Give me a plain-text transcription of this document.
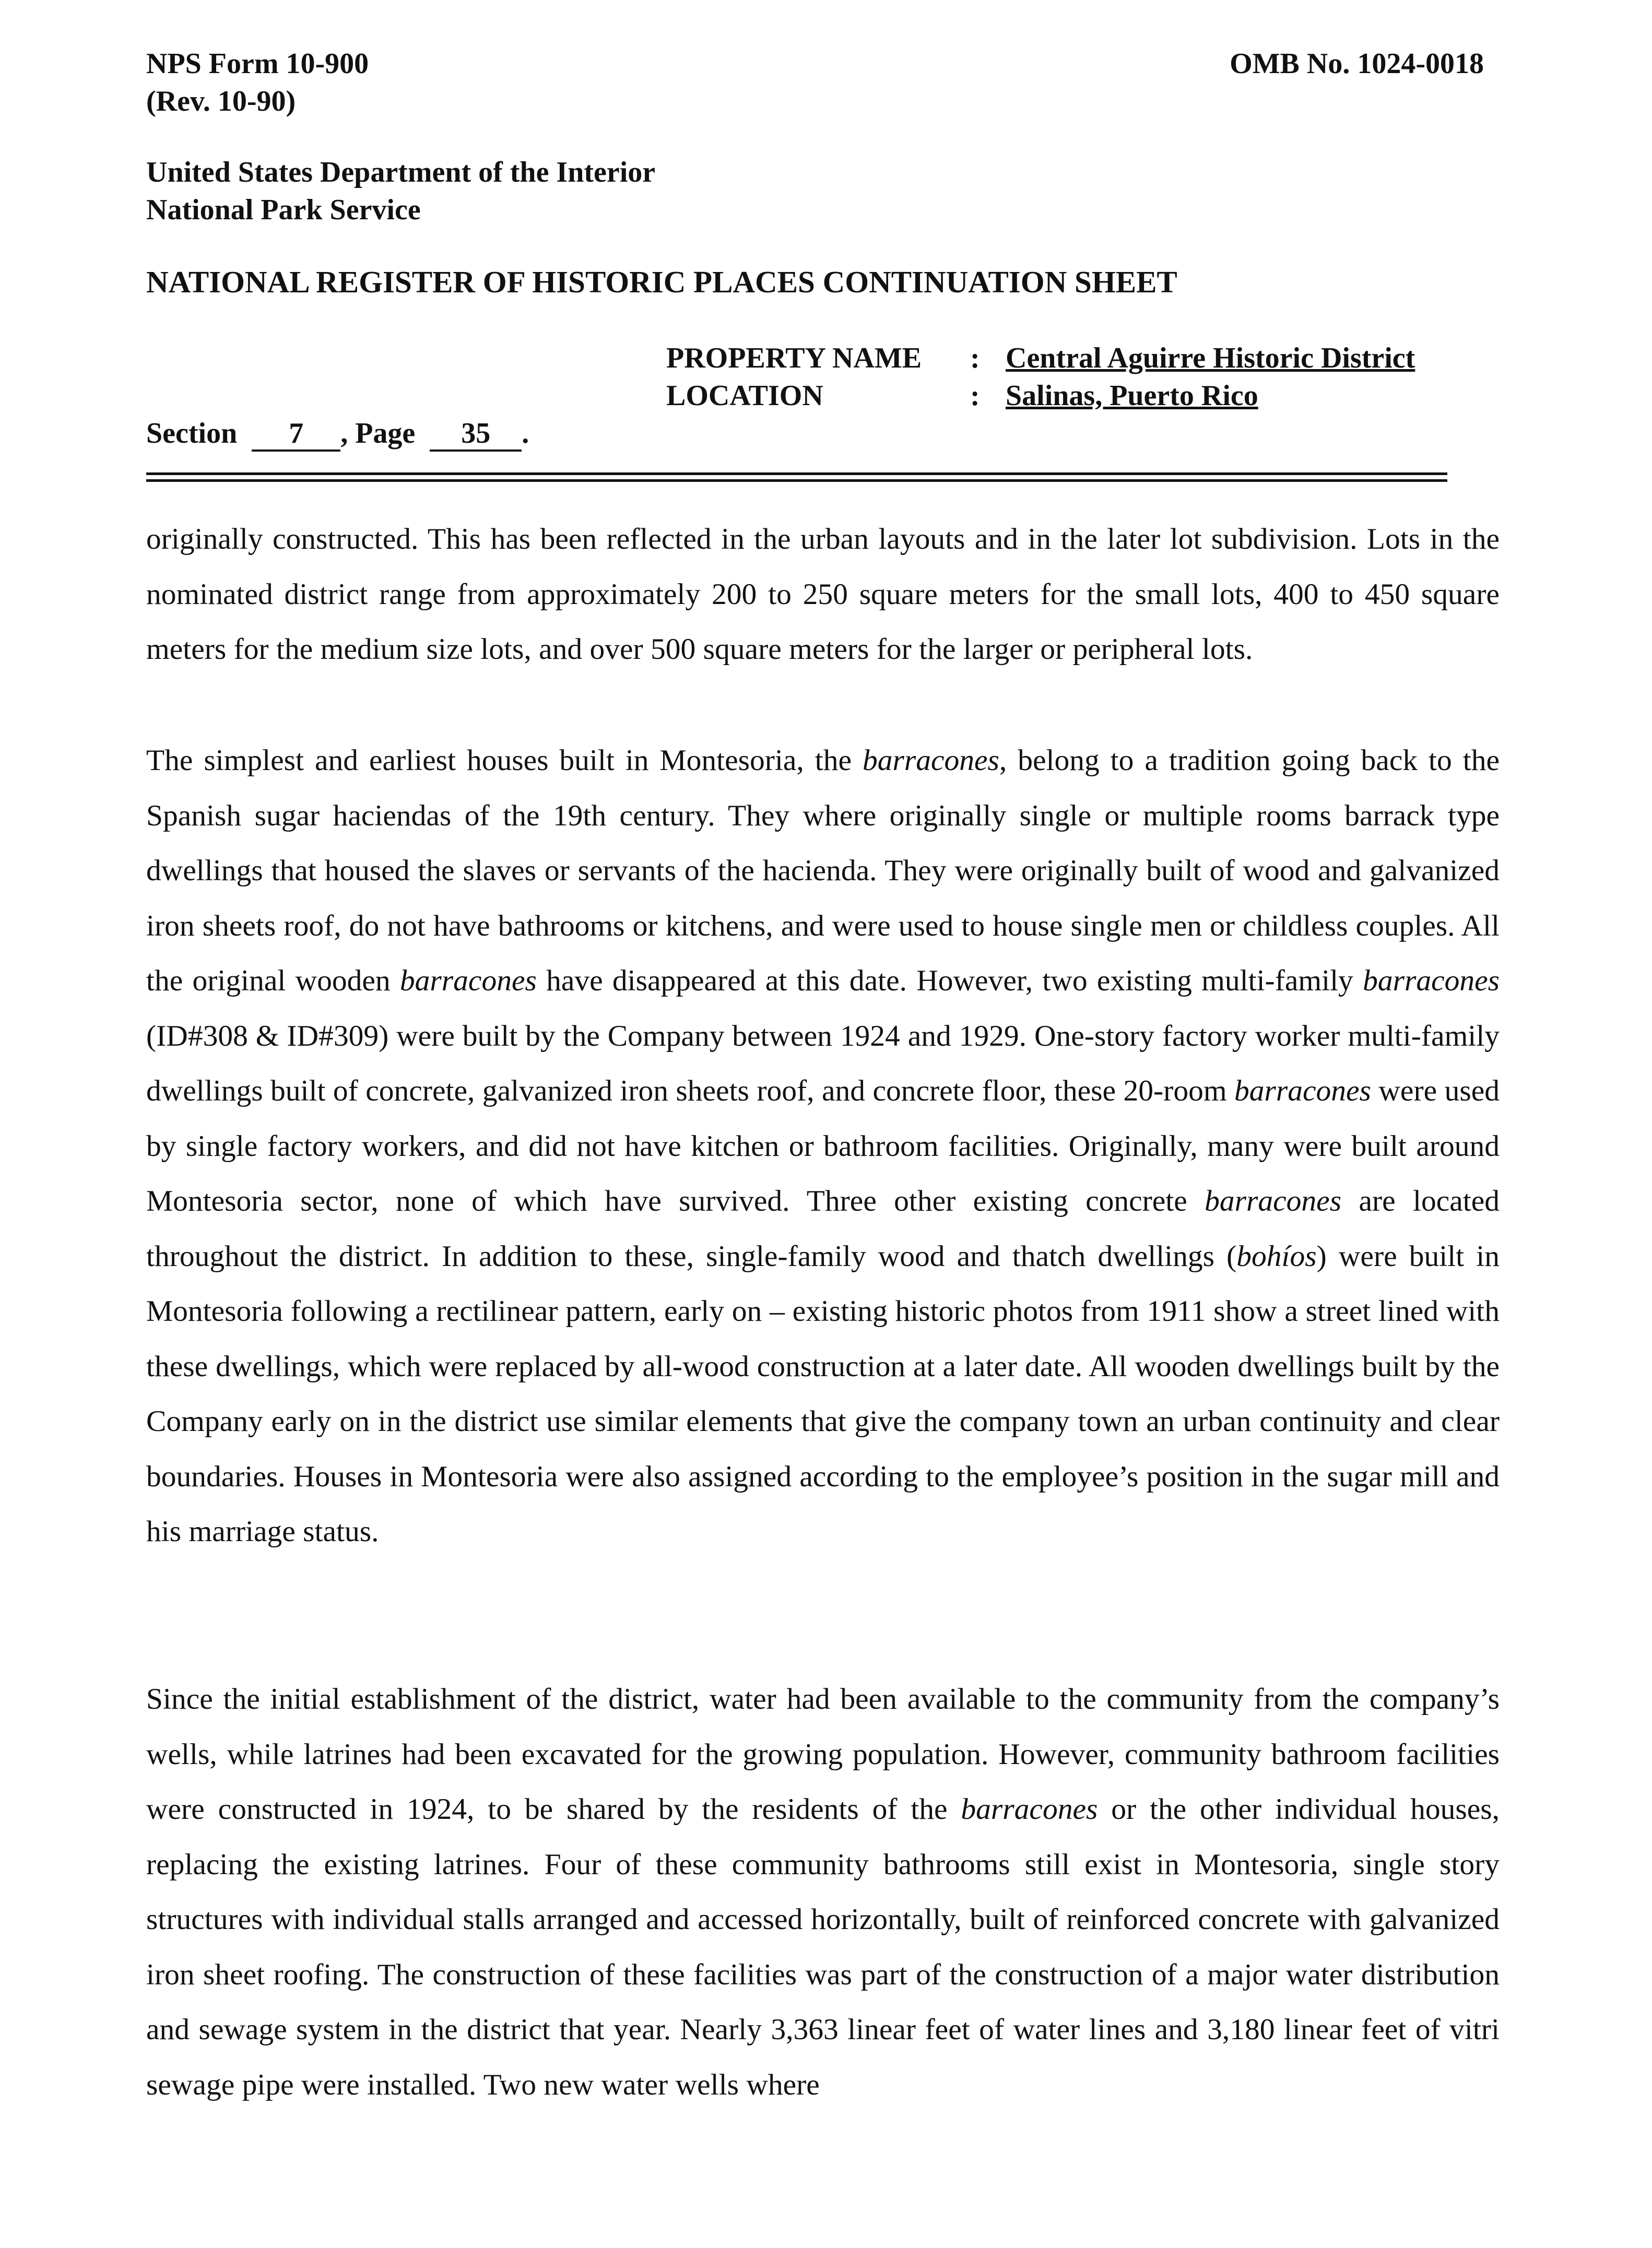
NPS Form 10-900
(Rev. 10-90)
OMB No. 1024-0018
United States Department of the Interior
National Park Service
NATIONAL REGISTER OF HISTORIC PLACES CONTINUATION SHEET
PROPERTY NAME
LOCATION
:
:
Central Aguirre Historic District
Salinas, Puerto Rico
Section 7 , Page 35 .

originally constructed. This has been reflected in the urban layouts and in the later lot subdivision. Lots in the nominated district range from approximately 200 to 250 square meters for the small lots, 400 to 450 square meters for the medium size lots, and over 500 square meters for the larger or peripheral lots.

The simplest and earliest houses built in Montesoria, the barracones, belong to a tradition going back to the Spanish sugar haciendas of the 19th century. They where originally single or multiple rooms barrack type dwellings that housed the slaves or servants of the hacienda. They were originally built of wood and galvanized iron sheets roof, do not have bathrooms or kitchens, and were used to house single men or childless couples. All the original wooden barracones have disappeared at this date. However, two existing multi-family barracones (ID#308 & ID#309) were built by the Company between 1924 and 1929. One-story factory worker multi-family dwellings built of concrete, galvanized iron sheets roof, and concrete floor, these 20-room barracones were used by single factory workers, and did not have kitchen or bathroom facilities. Originally, many were built around Montesoria sector, none of which have survived. Three other existing concrete barracones are located throughout the district. In addition to these, single-family wood and thatch dwellings (bohíos) were built in Montesoria following a rectilinear pattern, early on – existing historic photos from 1911 show a street lined with these dwellings, which were replaced by all-wood construction at a later date. All wooden dwellings built by the Company early on in the district use similar elements that give the company town an urban continuity and clear boundaries. Houses in Montesoria were also assigned according to the employee’s position in the sugar mill and his marriage status.

Since the initial establishment of the district, water had been available to the community from the company’s wells, while latrines had been excavated for the growing population. However, community bathroom facilities were constructed in 1924, to be shared by the residents of the barracones or the other individual houses, replacing the existing latrines. Four of these community bathrooms still exist in Montesoria, single story structures with individual stalls arranged and accessed horizontally, built of reinforced concrete with galvanized iron sheet roofing. The construction of these facilities was part of the construction of a major water distribution and sewage system in the district that year. Nearly 3,363 linear feet of water lines and 3,180 linear feet of vitri sewage pipe were installed. Two new water wells where
